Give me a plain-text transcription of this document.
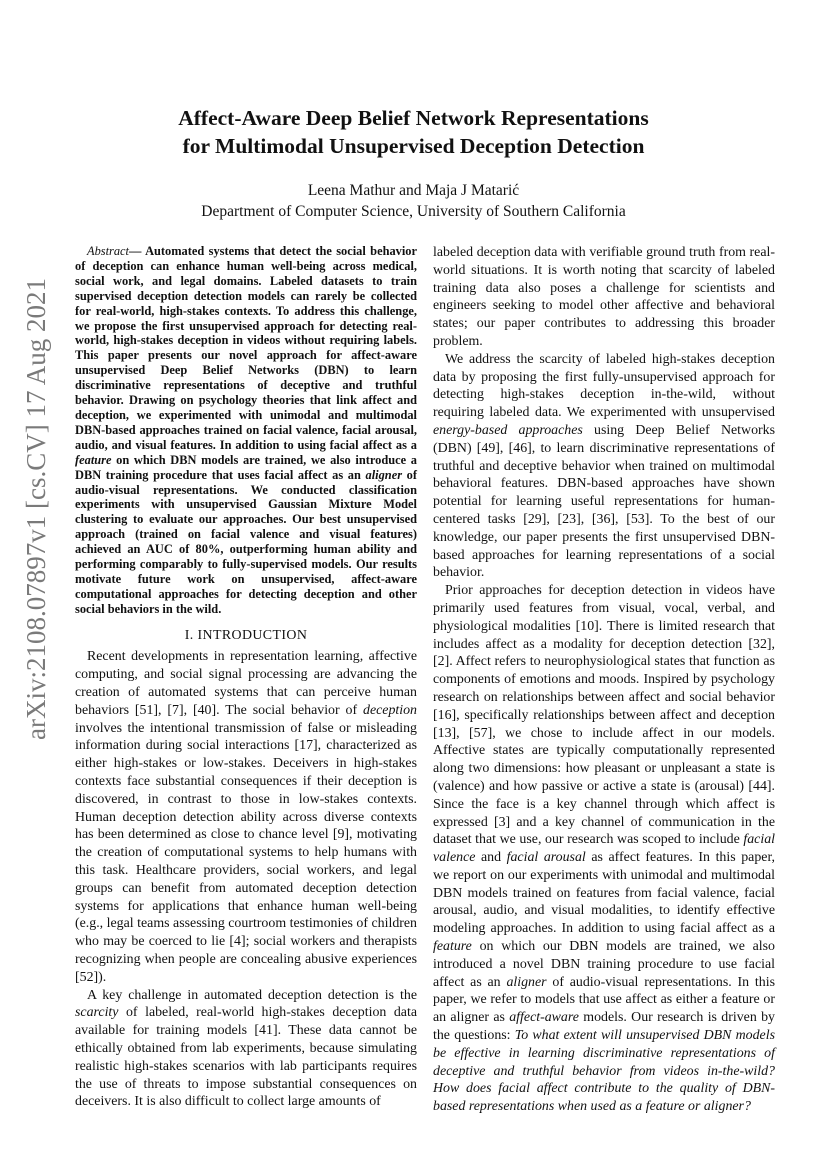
arXiv:2108.07897v1 [cs.CV] 17 Aug 2021
Affect-Aware Deep Belief Network Representations
for Multimodal Unsupervised Deception Detection
Leena Mathur and Maja J Matarić
Department of Computer Science, University of Southern California

Abstract— Automated systems that detect the social behavior of deception can enhance human well-being across medical, social work, and legal domains. Labeled datasets to train supervised deception detection models can rarely be collected for real-world, high-stakes contexts. To address this challenge, we propose the first unsupervised approach for detecting real-world, high-stakes deception in videos without requiring labels. This paper presents our novel approach for affect-aware unsupervised Deep Belief Networks (DBN) to learn discriminative representations of deceptive and truthful behavior. Drawing on psychology theories that link affect and deception, we experimented with unimodal and multimodal DBN-based approaches trained on facial valence, facial arousal, audio, and visual features. In addition to using facial affect as a feature on which DBN models are trained, we also introduce a DBN training procedure that uses facial affect as an aligner of audio-visual representations. We conducted classification experiments with unsupervised Gaussian Mixture Model clustering to evaluate our approaches. Our best unsupervised approach (trained on facial valence and visual features) achieved an AUC of 80%, outperforming human ability and performing comparably to fully-supervised models. Our results motivate future work on unsupervised, affect-aware computational approaches for detecting deception and other social behaviors in the wild.

I. INTRODUCTION

Recent developments in representation learning, affective computing, and social signal processing are advancing the creation of automated systems that can perceive human behaviors [51], [7], [40]. The social behavior of deception involves the intentional transmission of false or misleading information during social interactions [17], characterized as either high-stakes or low-stakes. Deceivers in high-stakes contexts face substantial consequences if their deception is discovered, in contrast to those in low-stakes contexts. Human deception detection ability across diverse contexts has been determined as close to chance level [9], motivating the creation of computational systems to help humans with this task. Healthcare providers, social workers, and legal groups can benefit from automated deception detection systems for applications that enhance human well-being (e.g., legal teams assessing courtroom testimonies of children who may be coerced to lie [4]; social workers and therapists recognizing when people are concealing abusive experiences [52]).

A key challenge in automated deception detection is the scarcity of labeled, real-world high-stakes deception data available for training models [41]. These data cannot be ethically obtained from lab experiments, because simulating realistic high-stakes scenarios with lab participants requires the use of threats to impose substantial consequences on deceivers. It is also difficult to collect large amounts of

labeled deception data with verifiable ground truth from real-world situations. It is worth noting that scarcity of labeled training data also poses a challenge for scientists and engineers seeking to model other affective and behavioral states; our paper contributes to addressing this broader problem.

We address the scarcity of labeled high-stakes deception data by proposing the first fully-unsupervised approach for detecting high-stakes deception in-the-wild, without requiring labeled data. We experimented with unsupervised energy-based approaches using Deep Belief Networks (DBN) [49], [46], to learn discriminative representations of truthful and deceptive behavior when trained on multimodal behavioral features. DBN-based approaches have shown potential for learning useful representations for human-centered tasks [29], [23], [36], [53]. To the best of our knowledge, our paper presents the first unsupervised DBN-based approaches for learning representations of a social behavior.

Prior approaches for deception detection in videos have primarily used features from visual, vocal, verbal, and physiological modalities [10]. There is limited research that includes affect as a modality for deception detection [32], [2]. Affect refers to neurophysiological states that function as components of emotions and moods. Inspired by psychology research on relationships between affect and social behavior [16], specifically relationships between affect and deception [13], [57], we chose to include affect in our models. Affective states are typically computationally represented along two dimensions: how pleasant or unpleasant a state is (valence) and how passive or active a state is (arousal) [44]. Since the face is a key channel through which affect is expressed [3] and a key channel of communication in the dataset that we use, our research was scoped to include facial valence and facial arousal as affect features. In this paper, we report on our experiments with unimodal and multimodal DBN models trained on features from facial valence, facial arousal, audio, and visual modalities, to identify effective modeling approaches. In addition to using facial affect as a feature on which our DBN models are trained, we also introduced a novel DBN training procedure to use facial affect as an aligner of audio-visual representations. In this paper, we refer to models that use affect as either a feature or an aligner as affect-aware models. Our research is driven by the questions: To what extent will unsupervised DBN models be effective in learning discriminative representations of deceptive and truthful behavior from videos in-the-wild? How does facial affect contribute to the quality of DBN-based representations when used as a feature or aligner?
